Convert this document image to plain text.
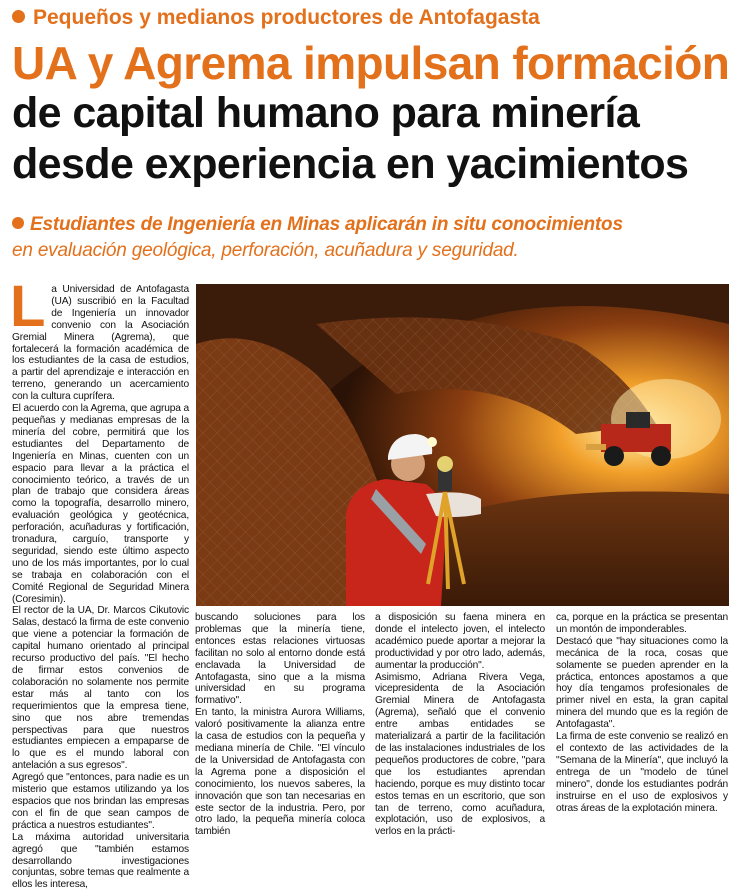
Pequeños y medianos productores de Antofagasta
UA y Agrema impulsan formación
de capital humano para minería
desde experiencia en yacimientos
Estudiantes de Ingeniería en Minas aplicarán in situ conocimientos
en evaluación geológica, perforación, acuñadura y seguridad.
L a Universidad de Antofagasta (UA) suscribió en la Facultad de Ingeniería un innovador convenio con la Asociación Gremial Minera (Agrema), que fortalecerá la formación académica de los estudiantes de la casa de estudios, a partir del aprendizaje e interacción en terreno, generando un acercamiento con la cultura cuprífera.

El acuerdo con la Agrema, que agrupa a pequeñas y medianas empresas de la minería del cobre, permitirá que los estudiantes del Departamento de Ingeniería en Minas, cuenten con un espacio para llevar a la práctica el conocimiento teórico, a través de un plan de trabajo que considera áreas como la topografía, desarrollo minero, evaluación geológica y geotécnica, perforación, acuñaduras y fortificación, tronadura, carguío, transporte y seguridad, siendo este último aspecto uno de los más importantes, por lo cual se trabaja en colaboración con el Comité Regional de Seguridad Minera (Coresimin).

El rector de la UA, Dr. Marcos Cikutovic Salas, destacó la firma de este convenio que viene a potenciar la formación de capital humano orientado al principal recurso productivo del país. "El hecho de firmar estos convenios de colaboración no solamente nos permite estar más al tanto con los requerimientos que la empresa tiene, sino que nos abre tremendas perspectivas para que nuestros estudiantes empiecen a empaparse de lo que es el mundo laboral con antelación a sus egresos".

Agregó que "entonces, para nadie es un misterio que estamos utilizando ya los espacios que nos brindan las empresas con el fin de que sean campos de práctica a nuestros estudiantes".

La máxima autoridad universitaria agregó que "también estamos desarrollando investigaciones conjuntas, sobre temas que realmente a ellos les interesa,

buscando soluciones para los problemas que la minería tiene, entonces estas relaciones virtuosas facilitan no solo al entorno donde está enclavada la Universidad de Antofagasta, sino que a la misma universidad en su programa formativo".

En tanto, la ministra Aurora Williams, valoró positivamente la alianza entre la casa de estudios con la pequeña y mediana minería de Chile. "El vínculo de la Universidad de Antofagasta con la Agrema pone a disposición el conocimiento, los nuevos saberes, la innovación que son tan necesarias en este sector de la industria. Pero, por otro lado, la pequeña minería coloca también

a disposición su faena minera en donde el intelecto joven, el intelecto académico puede aportar a mejorar la productividad y por otro lado, además, aumentar la producción".

Asimismo, Adriana Rivera Vega, vicepresidenta de la Asociación Gremial Minera de Antofagasta (Agrema), señaló que el convenio entre ambas entidades se materializará a partir de la facilitación de las instalaciones industriales de los pequeños productores de cobre, "para que los estudiantes aprendan haciendo, porque es muy distinto tocar estos temas en un escritorio, que son tan de terreno, como acuñadura, explotación, uso de explosivos, a verlos en la prácti-

ca, porque en la práctica se presentan un montón de imponderables.

Destacó que "hay situaciones como la mecánica de la roca, cosas que solamente se pueden aprender en la práctica, entonces apostamos a que hoy día tengamos profesionales de primer nivel en esta, la gran capital minera del mundo que es la región de Antofagasta".

La firma de este convenio se realizó en el contexto de las actividades de la "Semana de la Minería", que incluyó la entrega de un "modelo de túnel minero", donde los estudiantes podrán instruirse en el uso de explosivos y otras áreas de la explotación minera.
